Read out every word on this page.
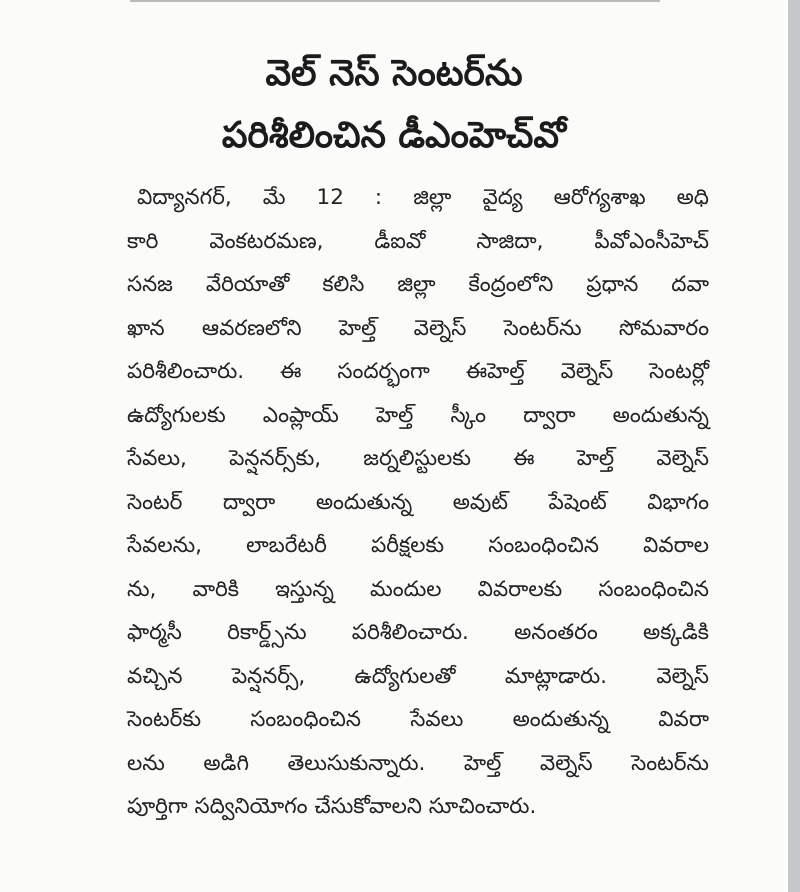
వెల్ నెస్ సెంటర్‌ను
పరిశీలించిన డీఎంహెచ్‌వో
విద్యానగర్, మే 12 : జిల్లా వైద్య ఆరోగ్యశాఖ అధి
కారి వెంకటరమణ, డీఐవో సాజిదా, పీవోఎంసీహెచ్
సనజ వేరియాతో కలిసి జిల్లా కేంద్రంలోని ప్రధాన దవా
ఖాన ఆవరణలోని హెల్త్ వెల్నెస్ సెంటర్‌ను సోమవారం
పరిశీలించారు. ఈ సందర్భంగా ఈహెల్త్ వెల్నెస్ సెంటర్లో
ఉద్యోగులకు ఎంప్లాయ్ హెల్త్ స్కీం ద్వారా అందుతున్న
సేవలు, పెన్షనర్స్‌కు, జర్నలిస్టులకు ఈ హెల్త్ వెల్నెస్
సెంటర్ ద్వారా అందుతున్న అవుట్ పేషెంట్ విభాగం
సేవలను, లాబరేటరీ పరీక్షలకు సంబంధించిన వివరాల
ను, వారికి ఇస్తున్న మందుల వివరాలకు సంబంధించిన
ఫార్మసీ రికార్డ్స్‌ను పరిశీలించారు. అనంతరం అక్కడికి
వచ్చిన పెన్షనర్స్, ఉద్యోగులతో మాట్లాడారు. వెల్నెస్
సెంటర్‌కు సంబంధించిన సేవలు అందుతున్న వివరా
లను అడిగి తెలుసుకున్నారు. హెల్త్ వెల్నెస్ సెంటర్‌ను
పూర్తిగా సద్వినియోగం చేసుకోవాలని సూచించారు.
